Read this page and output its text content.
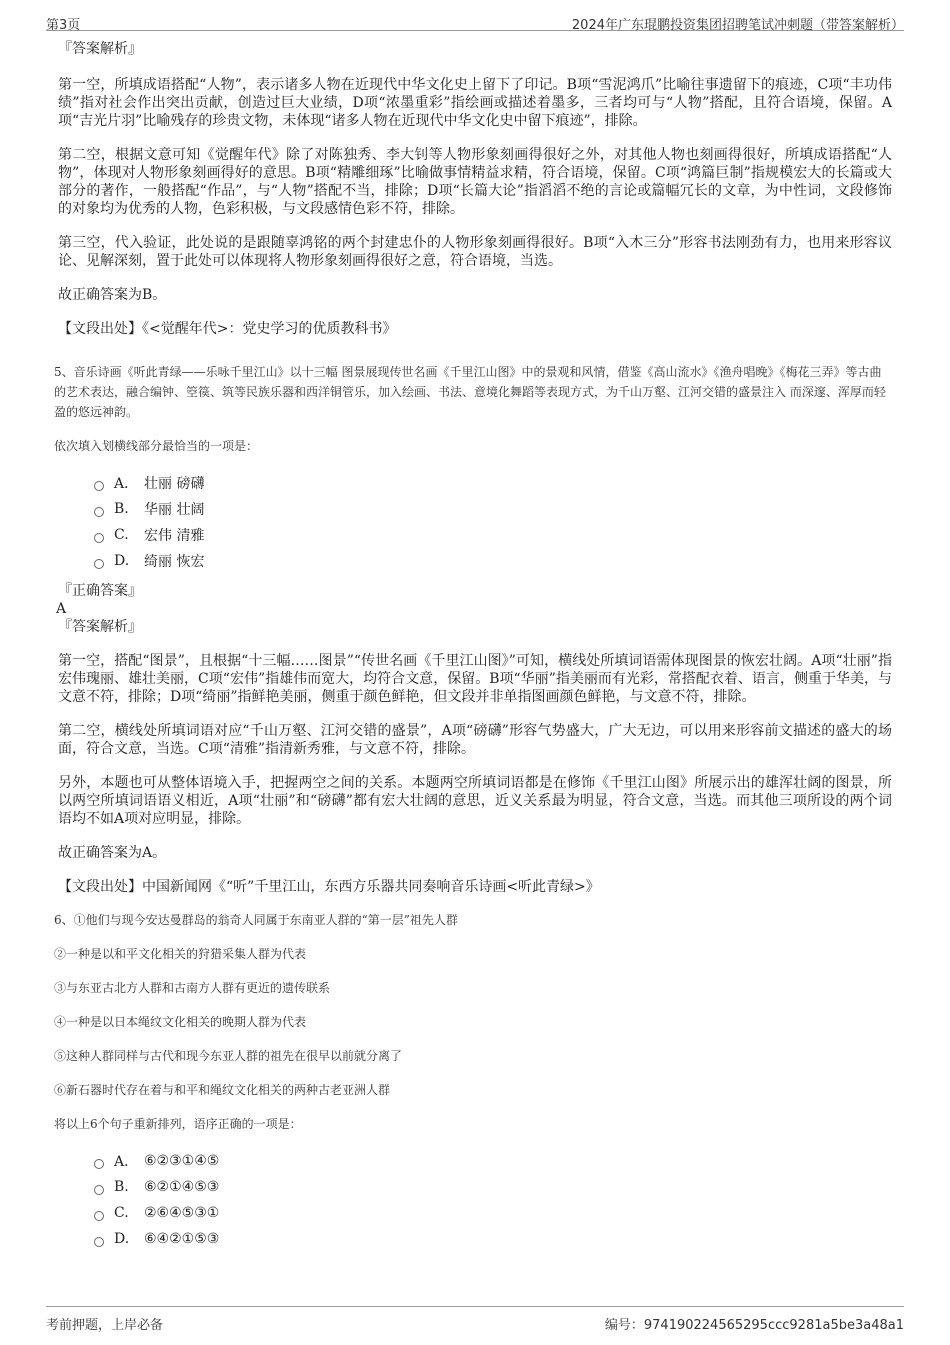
第3页	2024年广东琨鹏投资集团招聘笔试冲刺题（带答案解析）

『答案解析』

第一空，所填成语搭配“人物”，表示诸多人物在近现代中华文化史上留下了印记。B项“雪泥鸿爪”比喻往事遗留下的痕迹，C项“丰功伟绩”指对社会作出突出贡献，创造过巨大业绩，D项“浓墨重彩”指绘画或描述着墨多，三者均可与“人物”搭配，且符合语境，保留。A项“吉光片羽”比喻残存的珍贵文物，未体现“诸多人物在近现代中华文化史中留下痕迹”，排除。

第二空，根据文意可知《觉醒年代》除了对陈独秀、李大钊等人物形象刻画得很好之外，对其他人物也刻画得很好，所填成语搭配“人物”，体现对人物形象刻画得好的意思。B项“精雕细琢”比喻做事情精益求精，符合语境，保留。C项“鸿篇巨制”指规模宏大的长篇或大部分的著作，一般搭配“作品”，与“人物”搭配不当，排除；D项“长篇大论”指滔滔不绝的言论或篇幅冗长的文章，为中性词，文段修饰的对象均为优秀的人物，色彩积极，与文段感情色彩不符，排除。

第三空，代入验证，此处说的是跟随辜鸿铭的两个封建忠仆的人物形象刻画得很好。B项“入木三分”形容书法刚劲有力，也用来形容议论、见解深刻，置于此处可以体现将人物形象刻画得很好之意，符合语境，当选。

故正确答案为B。

【文段出处】《<觉醒年代>：党史学习的优质教科书》

5、音乐诗画《听此青绿——乐咏千里江山》以十三幅 图景展现传世名画《千里江山图》中的景观和风情，借鉴《高山流水》《渔舟唱晚》《梅花三弄》等古曲的艺术表达，融合编钟、箜篌、筑等民族乐器和西洋铜管乐，加入绘画、书法、意境化舞蹈等表现方式，为千山万壑、江河交错的盛景注入 而深邃、浑厚而轻盈的悠远神韵。

依次填入划横线部分最恰当的一项是：

A． 壮丽 磅礴
B.	华丽 壮阔
C.	宏伟 清雅
D.	绮丽 恢宏

『正确答案』

A

『答案解析』

第一空，搭配“图景”，且根据“十三幅……图景”“传世名画《千里江山图》”可知，横线处所填词语需体现图景的恢宏壮阔。A项“壮丽”指宏伟瑰丽、雄壮美丽，C项“宏伟”指雄伟而宽大，均符合文意，保留。B项“华丽”指美丽而有光彩，常搭配衣着、语言，侧重于华美，与文意不符，排除；D项“绮丽”指鲜艳美丽，侧重于颜色鲜艳，但文段并非单指图画颜色鲜艳，与文意不符，排除。

第二空，横线处所填词语对应“千山万壑、江河交错的盛景”，A项“磅礴”形容气势盛大，广大无边，可以用来形容前文描述的盛大的场面，符合文意，当选。C项“清雅”指清新秀雅，与文意不符，排除。

另外，本题也可从整体语境入手，把握两空之间的关系。本题两空所填词语都是在修饰《千里江山图》所展示出的雄浑壮阔的图景，所以两空所填词语语义相近，A项“壮丽”和“磅礴”都有宏大壮阔的意思，近义关系最为明显，符合文意，当选。而其他三项所设的两个词语均不如A项对应明显，排除。

故正确答案为A。

【文段出处】中国新闻网《“听”千里江山，东西方乐器共同奏响音乐诗画<听此青绿>》

6、①他们与现今安达曼群岛的翁奇人同属于东南亚人群的“第一层”祖先人群

②一种是以和平文化相关的狩猎采集人群为代表

③与东亚古北方人群和古南方人群有更近的遗传联系

④一种是以日本绳纹文化相关的晚期人群为代表

⑤这种人群同样与古代和现今东亚人群的祖先在很早以前就分离了

⑥新石器时代存在着与和平和绳纹文化相关的两种古老亚洲人群

将以上6个句子重新排列，语序正确的一项是：

A． ⑥②③①④⑤
B.	⑥②①④⑤③
C.	②⑥④⑤③①
D.	⑥④②①⑤③
考前押题，上岸必备	编号：974190224565295ccc9281a5be3a48a1
